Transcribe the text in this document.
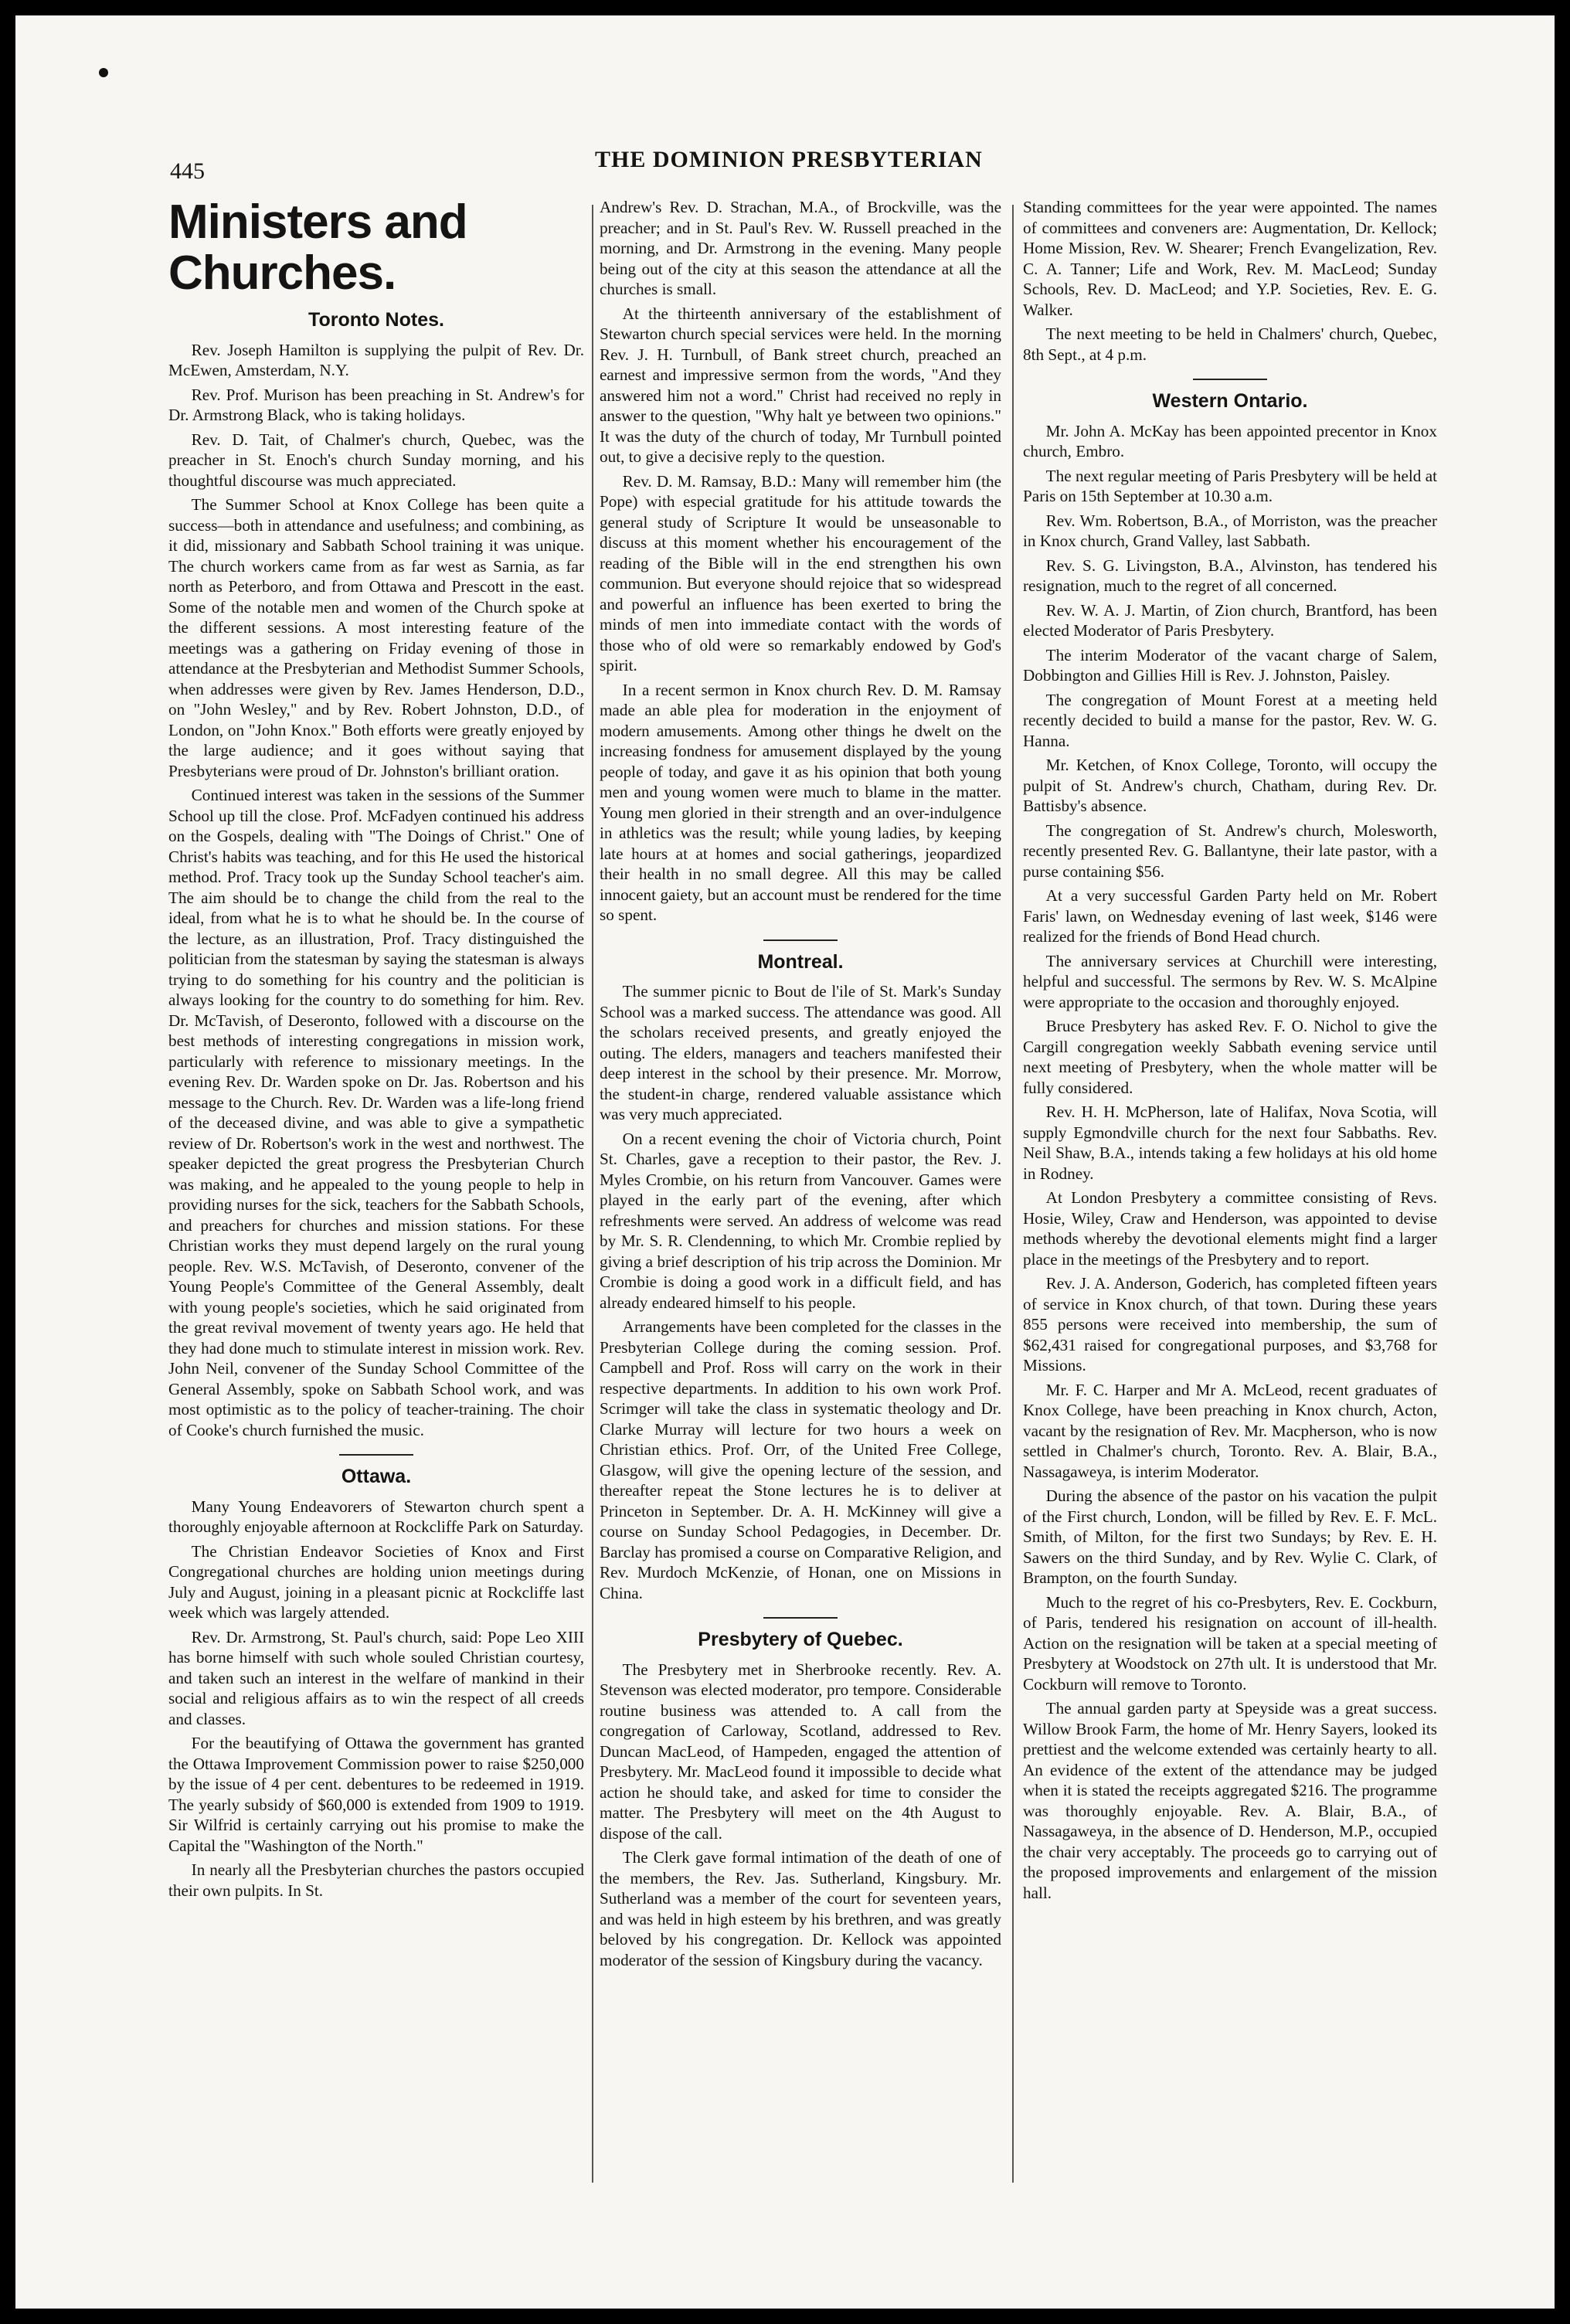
445	THE DOMINION PRESBYTERIAN
Ministers and Churches.
Toronto Notes.

Rev. Joseph Hamilton is supplying the pulpit of Rev. Dr. McEwen, Amsterdam, N.Y.

Rev. Prof. Murison has been preaching in St. Andrew's for Dr. Armstrong Black, who is taking holidays.

Rev. D. Tait, of Chalmer's church, Quebec, was the preacher in St. Enoch's church Sunday morning, and his thoughtful discourse was much appreciated.

The Summer School at Knox College has been quite a success—both in attendance and usefulness; and combining, as it did, missionary and Sabbath School training it was unique. The church workers came from as far west as Sarnia, as far north as Peterboro, and from Ottawa and Prescott in the east. Some of the notable men and women of the Church spoke at the different sessions. A most interesting feature of the meetings was a gathering on Friday evening of those in attendance at the Presbyterian and Methodist Summer Schools, when addresses were given by Rev. James Henderson, D.D., on "John Wesley," and by Rev. Robert Johnston, D.D., of London, on "John Knox." Both efforts were greatly enjoyed by the large audience; and it goes without saying that Presbyterians were proud of Dr. Johnston's brilliant oration.

Continued interest was taken in the sessions of the Summer School up till the close. Prof. McFadyen continued his address on the Gospels, dealing with "The Doings of Christ." One of Christ's habits was teaching, and for this He used the historical method. Prof. Tracy took up the Sunday School teacher's aim. The aim should be to change the child from the real to the ideal, from what he is to what he should be. In the course of the lecture, as an illustration, Prof. Tracy distinguished the politician from the statesman by saying the statesman is always trying to do something for his country and the politician is always looking for the country to do something for him. Rev. Dr. McTavish, of Deseronto, followed with a discourse on the best methods of interesting congregations in mission work, particularly with reference to missionary meetings. In the evening Rev. Dr. Warden spoke on Dr. Jas. Robertson and his message to the Church. Rev. Dr. Warden was a life-long friend of the deceased divine, and was able to give a sympathetic review of Dr. Robertson's work in the west and northwest. The speaker depicted the great progress the Presbyterian Church was making, and he appealed to the young people to help in providing nurses for the sick, teachers for the Sabbath Schools, and preachers for churches and mission stations. For these Christian works they must depend largely on the rural young people. Rev. W.S. McTavish, of Deseronto, convener of the Young People's Committee of the General Assembly, dealt with young people's societies, which he said originated from the great revival movement of twenty years ago. He held that they had done much to stimulate interest in mission work. Rev. John Neil, convener of the Sunday School Committee of the General Assembly, spoke on Sabbath School work, and was most optimistic as to the policy of teacher-training. The choir of Cooke's church furnished the music.

Ottawa.

Many Young Endeavorers of Stewarton church spent a thoroughly enjoyable afternoon at Rockcliffe Park on Saturday.

The Christian Endeavor Societies of Knox and First Congregational churches are holding union meetings during July and August, joining in a pleasant picnic at Rockcliffe last week which was largely attended.

Rev. Dr. Armstrong, St. Paul's church, said: Pope Leo XIII has borne himself with such whole souled Christian courtesy, and taken such an interest in the welfare of mankind in their social and religious affairs as to win the respect of all creeds and classes.

For the beautifying of Ottawa the government has granted the Ottawa Improvement Commission power to raise $250,000 by the issue of 4 per cent. debentures to be redeemed in 1919. The yearly subsidy of $60,000 is extended from 1909 to 1919. Sir Wilfrid is certainly carrying out his promise to make the Capital the "Washington of the North."

In nearly all the Presbyterian churches the pastors occupied their own pulpits. In St.

Andrew's Rev. D. Strachan, M.A., of Brockville, was the preacher; and in St. Paul's Rev. W. Russell preached in the morning, and Dr. Armstrong in the evening. Many people being out of the city at this season the attendance at all the churches is small.

At the thirteenth anniversary of the establishment of Stewarton church special services were held. In the morning Rev. J. H. Turnbull, of Bank street church, preached an earnest and impressive sermon from the words, "And they answered him not a word." Christ had received no reply in answer to the question, "Why halt ye between two opinions." It was the duty of the church of today, Mr Turnbull pointed out, to give a decisive reply to the question.

Rev. D. M. Ramsay, B.D.: Many will remember him (the Pope) with especial gratitude for his attitude towards the general study of Scripture It would be unseasonable to discuss at this moment whether his encouragement of the reading of the Bible will in the end strengthen his own communion. But everyone should rejoice that so widespread and powerful an influence has been exerted to bring the minds of men into immediate contact with the words of those who of old were so remarkably endowed by God's spirit.

In a recent sermon in Knox church Rev. D. M. Ramsay made an able plea for moderation in the enjoyment of modern amusements. Among other things he dwelt on the increasing fondness for amusement displayed by the young people of today, and gave it as his opinion that both young men and young women were much to blame in the matter. Young men gloried in their strength and an over-indulgence in athletics was the result; while young ladies, by keeping late hours at at homes and social gatherings, jeopardized their health in no small degree. All this may be called innocent gaiety, but an account must be rendered for the time so spent.

Montreal.

The summer picnic to Bout de l'ile of St. Mark's Sunday School was a marked success. The attendance was good. All the scholars received presents, and greatly enjoyed the outing. The elders, managers and teachers manifested their deep interest in the school by their presence. Mr. Morrow, the student-in charge, rendered valuable assistance which was very much appreciated.

On a recent evening the choir of Victoria church, Point St. Charles, gave a reception to their pastor, the Rev. J. Myles Crombie, on his return from Vancouver. Games were played in the early part of the evening, after which refreshments were served. An address of welcome was read by Mr. S. R. Clendenning, to which Mr. Crombie replied by giving a brief description of his trip across the Dominion. Mr Crombie is doing a good work in a difficult field, and has already endeared himself to his people.

Arrangements have been completed for the classes in the Presbyterian College during the coming session. Prof. Campbell and Prof. Ross will carry on the work in their respective departments. In addition to his own work Prof. Scrimger will take the class in systematic theology and Dr. Clarke Murray will lecture for two hours a week on Christian ethics. Prof. Orr, of the United Free College, Glasgow, will give the opening lecture of the session, and thereafter repeat the Stone lectures he is to deliver at Princeton in September. Dr. A. H. McKinney will give a course on Sunday School Pedagogies, in December. Dr. Barclay has promised a course on Comparative Religion, and Rev. Murdoch McKenzie, of Honan, one on Missions in China.

Presbytery of Quebec.

The Presbytery met in Sherbrooke recently. Rev. A. Stevenson was elected moderator, pro tempore. Considerable routine business was attended to. A call from the congregation of Carloway, Scotland, addressed to Rev. Duncan MacLeod, of Hampeden, engaged the attention of Presbytery. Mr. MacLeod found it impossible to decide what action he should take, and asked for time to consider the matter. The Presbytery will meet on the 4th August to dispose of the call.

The Clerk gave formal intimation of the death of one of the members, the Rev. Jas. Sutherland, Kingsbury. Mr. Sutherland was a member of the court for seventeen years, and was held in high esteem by his brethren, and was greatly beloved by his congregation. Dr. Kellock was appointed moderator of the session of Kingsbury during the vacancy.

Standing committees for the year were appointed. The names of committees and conveners are: Augmentation, Dr. Kellock; Home Mission, Rev. W. Shearer; French Evangelization, Rev. C. A. Tanner; Life and Work, Rev. M. MacLeod; Sunday Schools, Rev. D. MacLeod; and Y.P. Societies, Rev. E. G. Walker.

The next meeting to be held in Chalmers' church, Quebec, 8th Sept., at 4 p.m.

Western Ontario.

Mr. John A. McKay has been appointed precentor in Knox church, Embro.

The next regular meeting of Paris Presbytery will be held at Paris on 15th September at 10.30 a.m.

Rev. Wm. Robertson, B.A., of Morriston, was the preacher in Knox church, Grand Valley, last Sabbath.

Rev. S. G. Livingston, B.A., Alvinston, has tendered his resignation, much to the regret of all concerned.

Rev. W. A. J. Martin, of Zion church, Brantford, has been elected Moderator of Paris Presbytery.

The interim Moderator of the vacant charge of Salem, Dobbington and Gillies Hill is Rev. J. Johnston, Paisley.

The congregation of Mount Forest at a meeting held recently decided to build a manse for the pastor, Rev. W. G. Hanna.

Mr. Ketchen, of Knox College, Toronto, will occupy the pulpit of St. Andrew's church, Chatham, during Rev. Dr. Battisby's absence.

The congregation of St. Andrew's church, Molesworth, recently presented Rev. G. Ballantyne, their late pastor, with a purse containing $56.

At a very successful Garden Party held on Mr. Robert Faris' lawn, on Wednesday evening of last week, $146 were realized for the friends of Bond Head church.

The anniversary services at Churchill were interesting, helpful and successful. The sermons by Rev. W. S. McAlpine were appropriate to the occasion and thoroughly enjoyed.

Bruce Presbytery has asked Rev. F. O. Nichol to give the Cargill congregation weekly Sabbath evening service until next meeting of Presbytery, when the whole matter will be fully considered.

Rev. H. H. McPherson, late of Halifax, Nova Scotia, will supply Egmondville church for the next four Sabbaths. Rev. Neil Shaw, B.A., intends taking a few holidays at his old home in Rodney.

At London Presbytery a committee consisting of Revs. Hosie, Wiley, Craw and Henderson, was appointed to devise methods whereby the devotional elements might find a larger place in the meetings of the Presbytery and to report.

Rev. J. A. Anderson, Goderich, has completed fifteen years of service in Knox church, of that town. During these years 855 persons were received into membership, the sum of $62,431 raised for congregational purposes, and $3,768 for Missions.

Mr. F. C. Harper and Mr A. McLeod, recent graduates of Knox College, have been preaching in Knox church, Acton, vacant by the resignation of Rev. Mr. Macpherson, who is now settled in Chalmer's church, Toronto. Rev. A. Blair, B.A., Nassagaweya, is interim Moderator.

During the absence of the pastor on his vacation the pulpit of the First church, London, will be filled by Rev. E. F. McL. Smith, of Milton, for the first two Sundays; by Rev. E. H. Sawers on the third Sunday, and by Rev. Wylie C. Clark, of Brampton, on the fourth Sunday.

Much to the regret of his co-Presbyters, Rev. E. Cockburn, of Paris, tendered his resignation on account of ill-health. Action on the resignation will be taken at a special meeting of Presbytery at Woodstock on 27th ult. It is understood that Mr. Cockburn will remove to Toronto.

The annual garden party at Speyside was a great success. Willow Brook Farm, the home of Mr. Henry Sayers, looked its prettiest and the welcome extended was certainly hearty to all. An evidence of the extent of the attendance may be judged when it is stated the receipts aggregated $216. The programme was thoroughly enjoyable. Rev. A. Blair, B.A., of Nassagaweya, in the absence of D. Henderson, M.P., occupied the chair very acceptably. The proceeds go to carrying out of the proposed improvements and enlargement of the mission hall.
